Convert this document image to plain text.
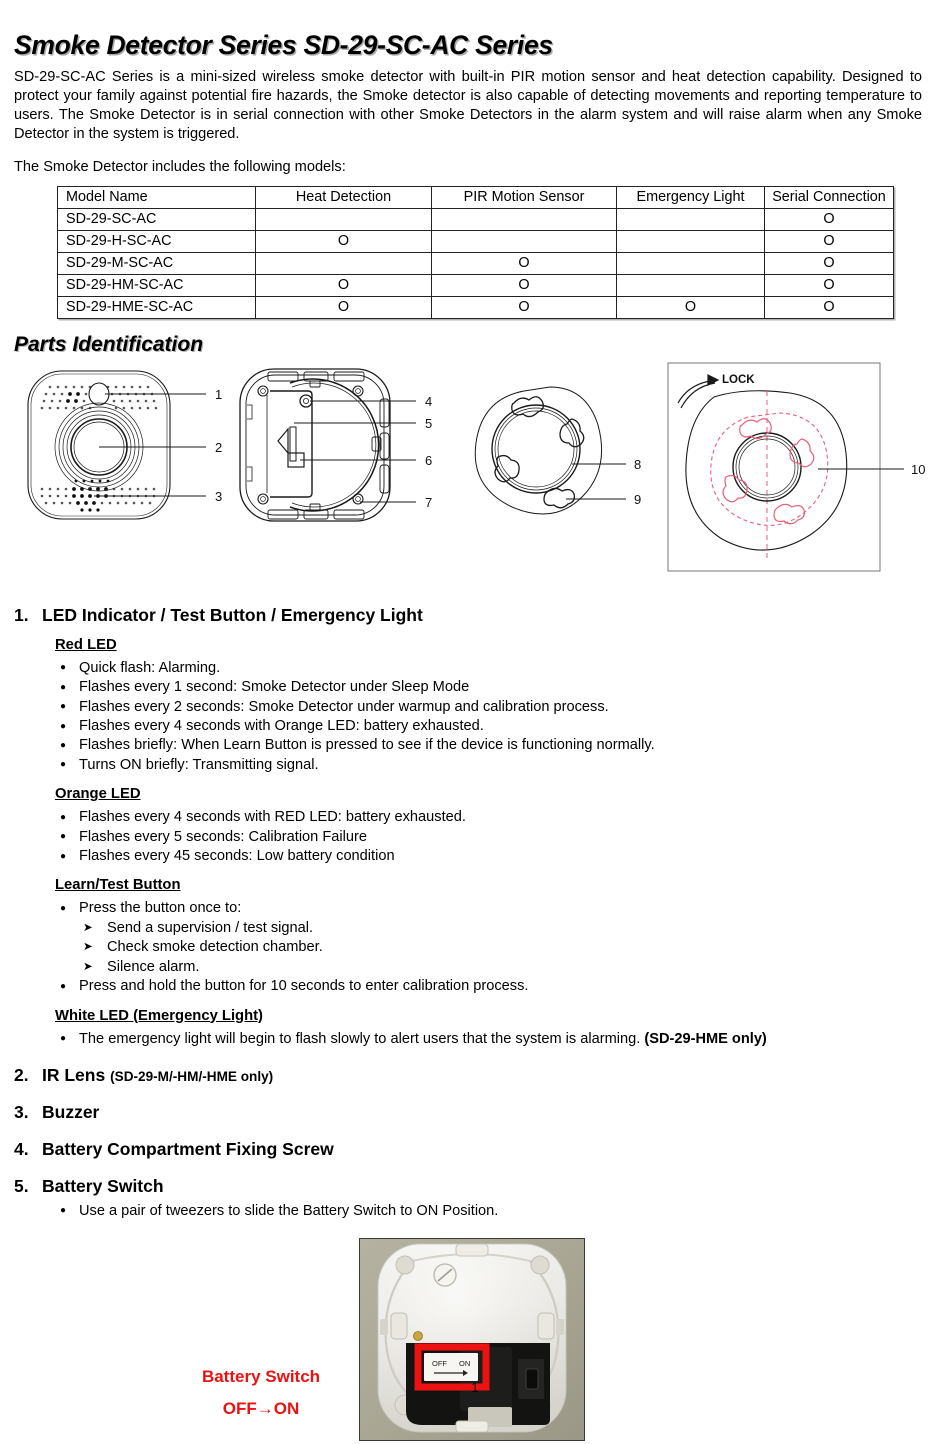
Smoke Detector Series SD-29-SC-AC Series

SD-29-SC-AC Series is a mini-sized wireless smoke detector with built-in PIR motion sensor and heat detection capability. Designed to protect your family against potential fire hazards, the Smoke detector is also capable of detecting movements and reporting temperature to users. The Smoke Detector is in serial connection with other Smoke Detectors in the alarm system and will raise alarm when any Smoke Detector in the system is triggered.

The Smoke Detector includes the following models:

Model Name	Heat Detection	PIR Motion Sensor	Emergency Light	Serial Connection
SD-29-SC-AC				O
SD-29-H-SC-AC	O			O
SD-29-M-SC-AC		O		O
SD-29-HM-SC-AC	O	O		O
SD-29-HME-SC-AC	O	O	O	O
Parts Identification
1
2
3
4
5
6
7
8
9
LOCK
10
1. LED Indicator / Test Button / Emergency Light
Red LED
● Quick flash: Alarming.
● Flashes every 1 second: Smoke Detector under Sleep Mode
● Flashes every 2 seconds: Smoke Detector under warmup and calibration process.
● Flashes every 4 seconds with Orange LED: battery exhausted.
● Flashes briefly: When Learn Button is pressed to see if the device is functioning normally.
● Turns ON briefly: Transmitting signal.
Orange LED
● Flashes every 4 seconds with RED LED: battery exhausted.
● Flashes every 5 seconds: Calibration Failure
● Flashes every 45 seconds: Low battery condition
Learn/Test Button
● Press the button once to:
➤ Send a supervision / test signal.
➤ Check smoke detection chamber.
➤ Silence alarm.
● Press and hold the button for 10 seconds to enter calibration process.
White LED (Emergency Light)
● The emergency light will begin to flash slowly to alert users that the system is alarming. (SD-29-HME only)
2. IR Lens (SD-29-M/-HM/-HME only)
3. Buzzer
4. Battery Compartment Fixing Screw
5. Battery Switch
● Use a pair of tweezers to slide the Battery Switch to ON Position.
Battery Switch
OFF→ON
OFF ON
1
